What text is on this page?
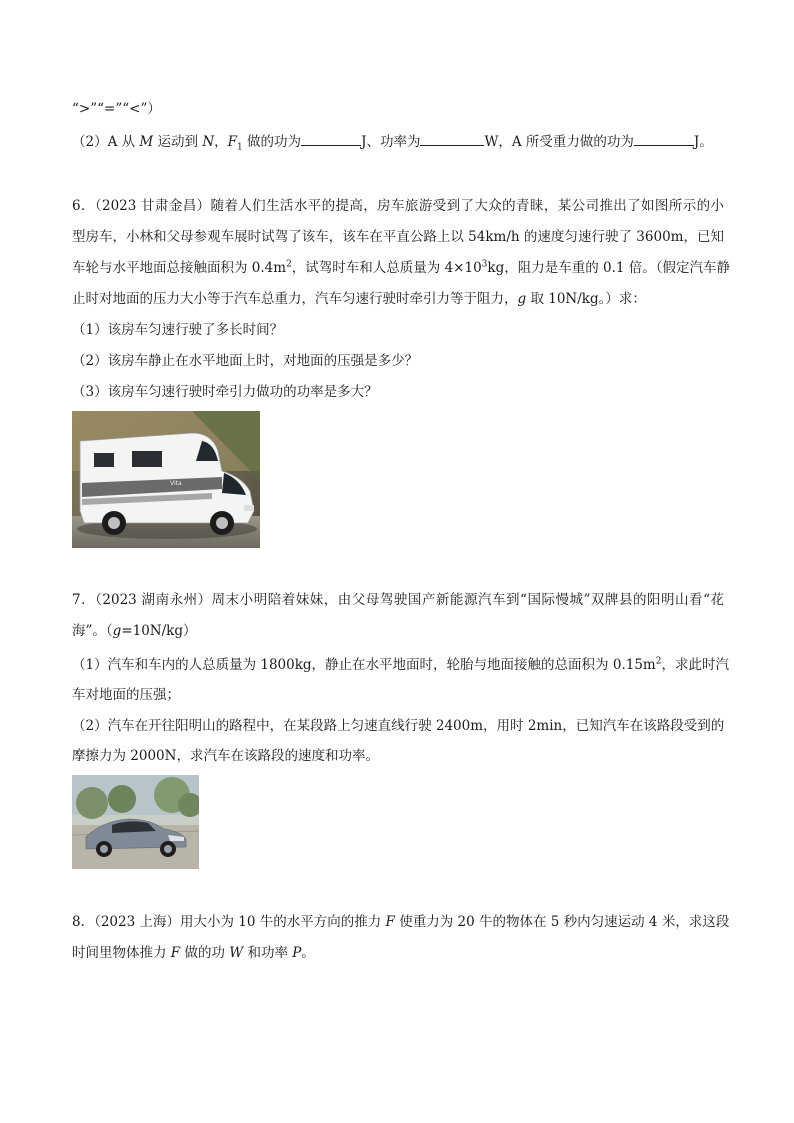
“>”“=”“<”）
（2）A 从 M 运动到 N，$F_1$ 做的功为	J、功率为	W，A 所受重力做的功为	J。
6．（2023 甘肃金昌）随着人们生活水平的提高，房车旅游受到了大众的青睐，某公司推出了如图所示的小
型房车，小林和父母参观车展时试驾了该车，该车在平直公路上以 54km/h 的速度匀速行驶了 3600m，已知
车轮与水平地面总接触面积为 $0.4m^2$，试驾时车和人总质量为 $4\times 10^3kg$，阻力是车重的 0.1 倍。（假定汽车静
止时对地面的压力大小等于汽车总重力，汽车匀速行驶时牵引力等于阻力，g 取 10N/kg。）求：
（1）该房车匀速行驶了多长时间？
（2）该房车静止在水平地面上时，对地面的压强是多少？
（3）该房车匀速行驶时牵引力做功的功率是多大？
Vita
7．（2023 湖南永州）周末小明陪着妹妹，由父母驾驶国产新能源汽车到“国际慢城”双牌县的阳明山看“花
海”。（g=10N/kg）
（1）汽车和车内的人总质量为 1800kg，静止在水平地面时，轮胎与地面接触的总面积为 $0.15m^2$，求此时汽
车对地面的压强；
（2）汽车在开往阳明山的路程中，在某段路上匀速直线行驶 2400m，用时 2min，已知汽车在该路段受到的
摩擦力为 2000N，求汽车在该路段的速度和功率。
8．（2023 上海）用大小为 10 牛的水平方向的推力 F 使重力为 20 牛的物体在 5 秒内匀速运动 4 米，求这段
时间里物体推力 F 做的功 W 和功率 P。
